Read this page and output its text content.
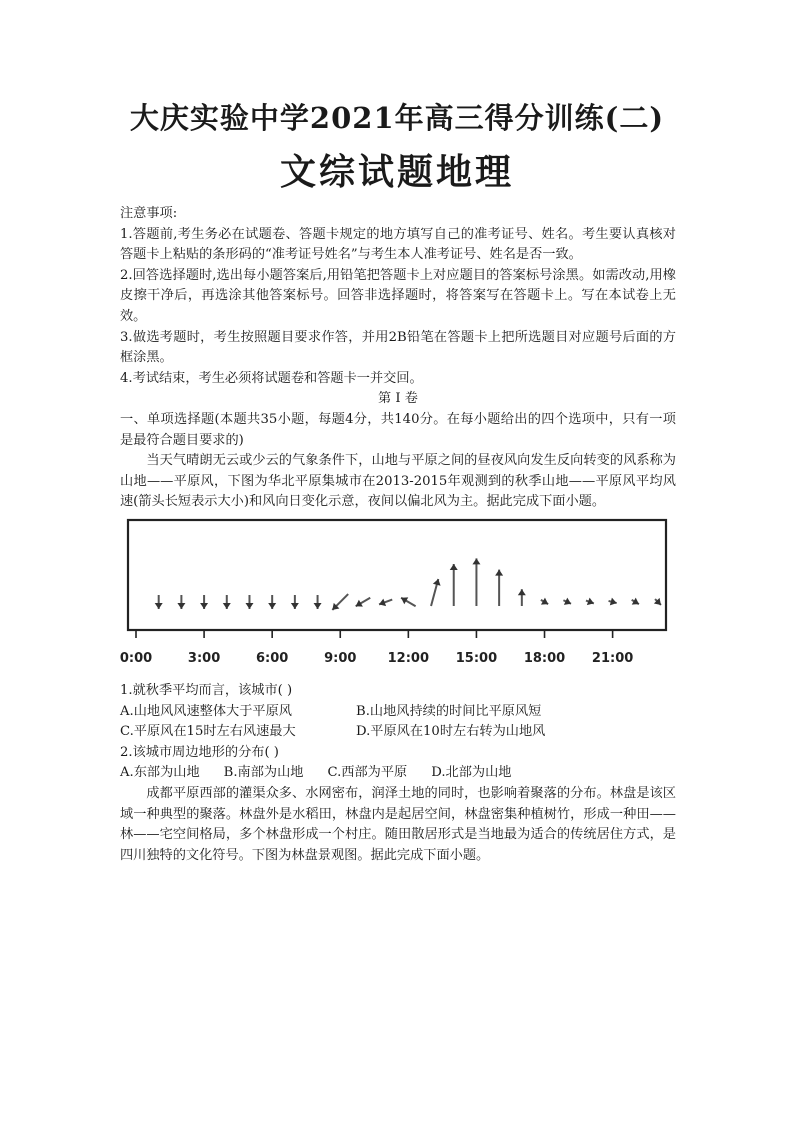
大庆实验中学2021年高三得分训练(二)
文综试题地理

注意事项:

1.答题前,考生务必在试题卷、答题卡规定的地方填写自己的准考证号、姓名。考生要认真核对答题卡上粘贴的条形码的“准考证号姓名”与考生本人准考证号、姓名是否一致。

2.回答选择题时,选出每小题答案后,用铅笔把答题卡上对应题目的答案标号涂黑。如需改动,用橡皮擦干净后，再选涂其他答案标号。回答非选择题时，将答案写在答题卡上。写在本试卷上无效。

3.做选考题时，考生按照题目要求作答，并用2B铅笔在答题卡上把所选题目对应题号后面的方框涂黑。

4.考试结束，考生必须将试题卷和答题卡一并交回。

第 I 卷

一、单项选择题(本题共35小题，每题4分，共140分。在每小题给出的四个选项中，只有一项是最符合题目要求的)

当天气晴朗无云或少云的气象条件下，山地与平原之间的昼夜风向发生反向转变的风系称为山地——平原风，下图为华北平原集城市在2013-2015年观测到的秋季山地——平原风平均风速(箭头长短表示大小)和风向日变化示意，夜间以偏北风为主。据此完成下面小题。

0:00	3:00	6:00	9:00 12:00 15:00 18:00 21:00

1.就秋季平均而言，该城市( )

A.山地风风速整体大于平原风	B.山地风持续的时间比平原风短
C.平原风在15时左右风速最大	D.平原风在10时左右转为山地风

2.该城市周边地形的分布( )

A.东部为山地 B.南部为山地 C.西部为平原 D.北部为山地

成都平原西部的灌渠众多、水网密布，润泽土地的同时，也影响着聚落的分布。林盘是该区域一种典型的聚落。林盘外是水稻田，林盘内是起居空间，林盘密集种植树竹，形成一种田——林——宅空间格局，多个林盘形成一个村庄。随田散居形式是当地最为适合的传统居住方式，是四川独特的文化符号。下图为林盘景观图。据此完成下面小题。
